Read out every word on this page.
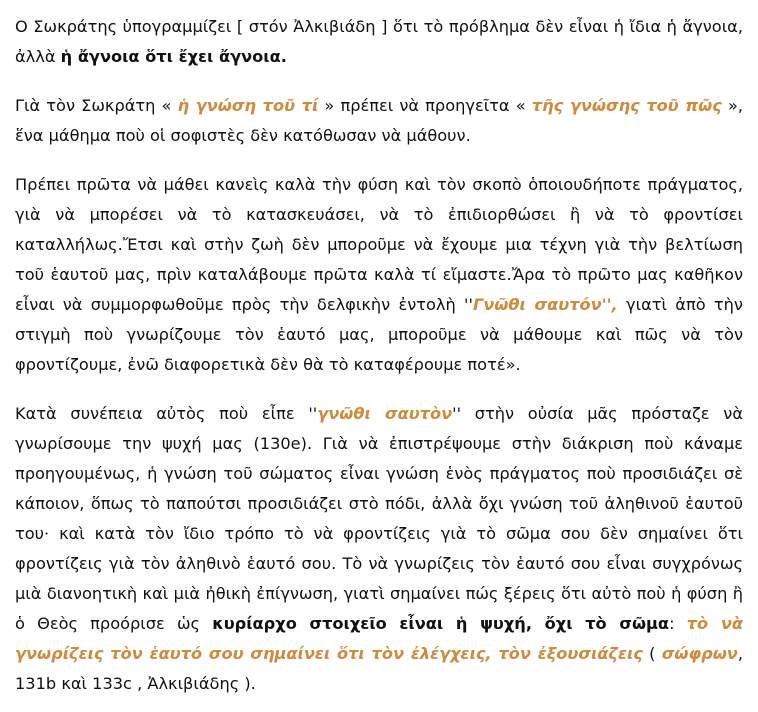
Ο Σωκράτης ὑπογραμμίζει [ στόν Ἀλκιβιάδη ] ὅτι τὸ πρόβλημα δὲν εἶναι ἡ ἴδια ἡ ἄγνοια, ἀλλὰ ἡ ἄγνοια ὅτι ἔχει ἄγνοια.

Γιὰ τὸν Σωκράτη « ἡ γνώση τοῦ τί » πρέπει νὰ προηγεῖτα « τῆς γνώσης τοῦ πῶς », ἕνα μάθημα ποὺ οἱ σοφιστὲς δὲν κατόθωσαν νὰ μάθουν.

Πρέπει πρῶτα νὰ μάθει κανεὶς καλὰ τὴν φύση καὶ τὸν σκοπὸ ὁποιουδήποτε πράγματος, γιὰ νὰ μπορέσει νὰ τὸ κατασκευάσει, νὰ τὸ ἐπιδιορθώσει ἢ νὰ τὸ φροντίσει καταλλήλως.Ἔτσι καὶ στὴν ζωὴ δὲν μποροῦμε νὰ ἔχουμε μια τέχνη γιὰ τὴν βελτίωση τοῦ ἑαυτοῦ μας, πρὶν καταλάβουμε πρῶτα καλὰ τί εἴμαστε.Ἄρα τὸ πρῶτο μας καθῆκον εἶναι νὰ συμμορφωθοῦμε πρὸς τὴν δελφικὴν ἐντολὴ ''Γνῶθι σαυτόν'', γιατὶ ἀπὸ τὴν στιγμὴ ποὺ γνωρίζουμε τὸν ἑαυτό μας, μποροῦμε νὰ μάθουμε καὶ πῶς νὰ τὸν φροντίζουμε, ἐνῶ διαφορετικὰ δὲν θὰ τὸ καταφέρουμε ποτέ».

Κατὰ συνέπεια αὐτὸς ποὺ εἶπε ''γνῶθι σαυτὸν'' στὴν οὐσία μᾶς πρόσταζε νὰ γνωρίσουμε την ψυχή μας (130e). Γιὰ νὰ ἐπιστρέψουμε στὴν διάκριση ποὺ κάναμε προηγουμένως, ἡ γνώση τοῦ σώματος εἶναι γνώση ἑνὸς πράγματος ποὺ προσιδιάζει σὲ κάποιον, ὅπως τὸ παπούτσι προσιδιάζει στὸ πόδι, ἀλλὰ ὄχι γνώση τοῦ ἀληθινοῦ ἑαυτοῦ του· καὶ κατὰ τὸν ἴδιο τρόπο τὸ νὰ φροντίζεις γιὰ τὸ σῶμα σου δὲν σημαίνει ὅτι φροντίζεις γιὰ τὸν ἀληθινὸ ἑαυτό σου. Τὸ νὰ γνωρίζεις τὸν ἑαυτό σου εἶναι συγχρόνως μιὰ διανοητικὴ καὶ μιὰ ἠθικὴ ἐπίγνωση, γιατὶ σημαίνει πώς ξέρεις ὅτι αὐτὸ ποὺ ἡ φύση ἢ ὁ Θεὸς προόρισε ὡς κυρίαρχο στοιχεῖο εἶναι ἡ ψυχή, ὄχι τὸ σῶμα: τὸ νὰ γνωρίζεις τὸν ἑαυτό σου σημαίνει ὅτι τὸν ἐλέγχεις, τὸν ἐξουσιάζεις ( σώφρων, 131b καὶ 133c , Ἀλκιβιάδης ).
